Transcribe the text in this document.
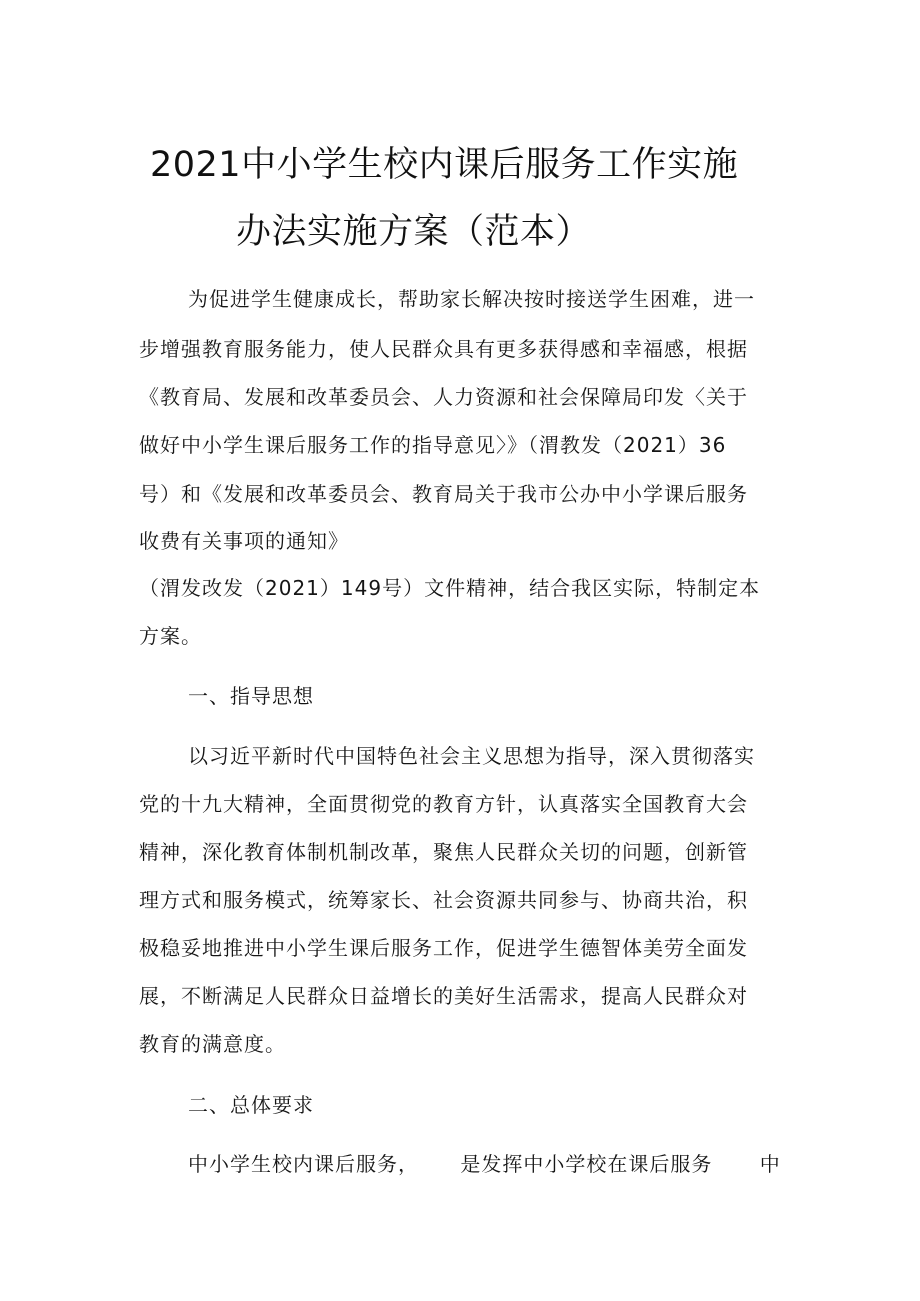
2021中小学生校内课后服务工作实施
办法实施方案（范本）
为促进学生健康成长，帮助家长解决按时接送学生困难，进一
步增强教育服务能力，使人民群众具有更多获得感和幸福感，根据
《教育局、发展和改革委员会、人力资源和社会保障局印发〈关于
做好中小学生课后服务工作的指导意见〉》（渭教发（2021）36
号）和《发展和改革委员会、教育局关于我市公办中小学课后服务
收费有关事项的通知》
（渭发改发（2021）149号）文件精神，结合我区实际，特制定本
方案。
一、指导思想
以习近平新时代中国特色社会主义思想为指导，深入贯彻落实
党的十九大精神，全面贯彻党的教育方针，认真落实全国教育大会
精神，深化教育体制机制改革，聚焦人民群众关切的问题，创新管
理方式和服务模式，统筹家长、社会资源共同参与、协商共治，积
极稳妥地推进中小学生课后服务工作，促进学生德智体美劳全面发
展，不断满足人民群众日益增长的美好生活需求，提高人民群众对
教育的满意度。
二、总体要求
中小学生校内课后服务， 是发挥中小学校在课后服务 中
